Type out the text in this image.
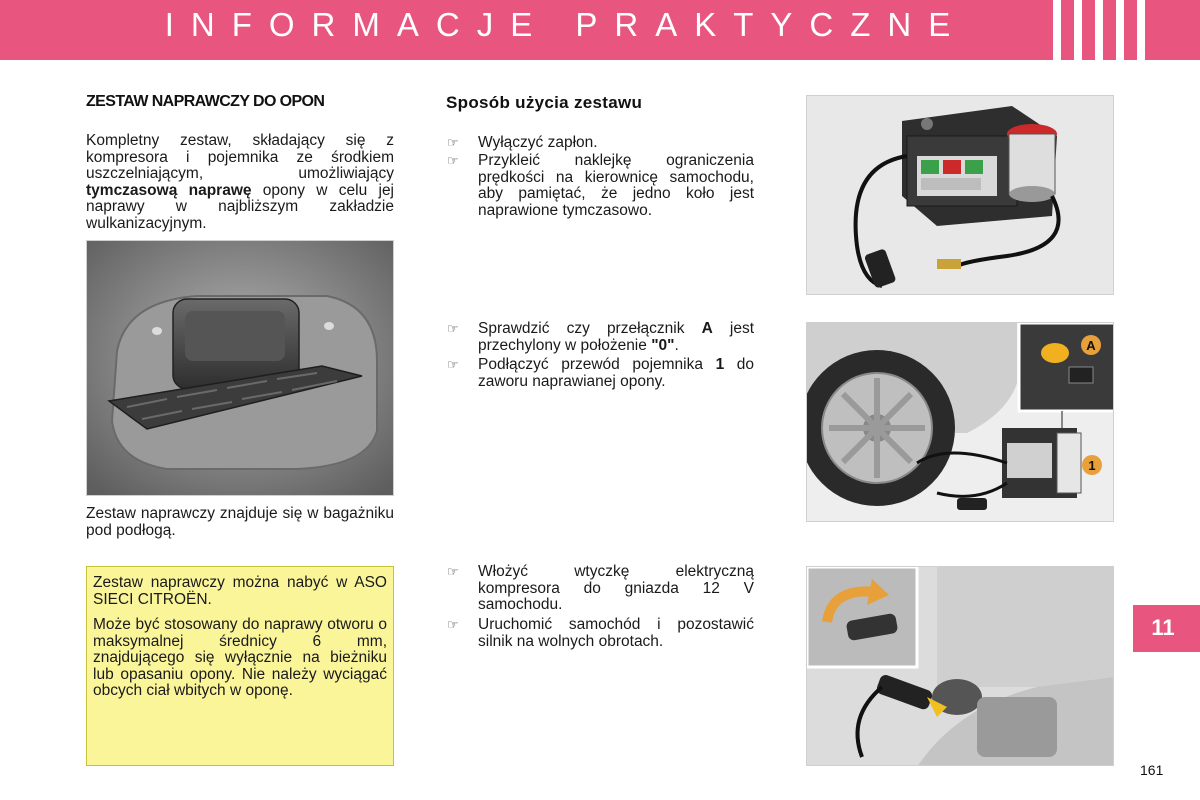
INFORMACJE PRAKTYCZNE
ZESTAW NAPRAWCZY DO OPON
Kompletny zestaw, składający się z kompresora i pojemnika ze środkiem uszczelniającym, umożliwiający tymczasową naprawę opony w celu jej naprawy w najbliższym zakładzie wulkanizacyjnym.
Zestaw naprawczy znajduje się w bagażniku pod podłogą.

Zestaw naprawczy można nabyć w ASO SIECI CITROËN.

Może być stosowany do naprawy otworu o maksymalnej średnicy 6 mm, znajdującego się wyłącznie na bieżniku lub opasaniu opony. Nie należy wyciągać obcych ciał wbitych w oponę.

Sposób użycia zestawu
☞	Wyłączyć zapłon.
☞	Przykleić naklejkę ograniczenia prędkości na kierownicę samochodu, aby pamiętać, że jedno koło jest naprawione tymczasowo.
☞	Sprawdzić czy przełącznik A jest przechylony w położenie "0".
☞	Podłączyć przewód pojemnika 1 do zaworu naprawianej opony.
☞	Włożyć wtyczkę elektryczną kompresora do gniazda 12 V samochodu.
☞	Uruchomić samochód i pozostawić silnik na wolnych obrotach.
A
1
11
161
